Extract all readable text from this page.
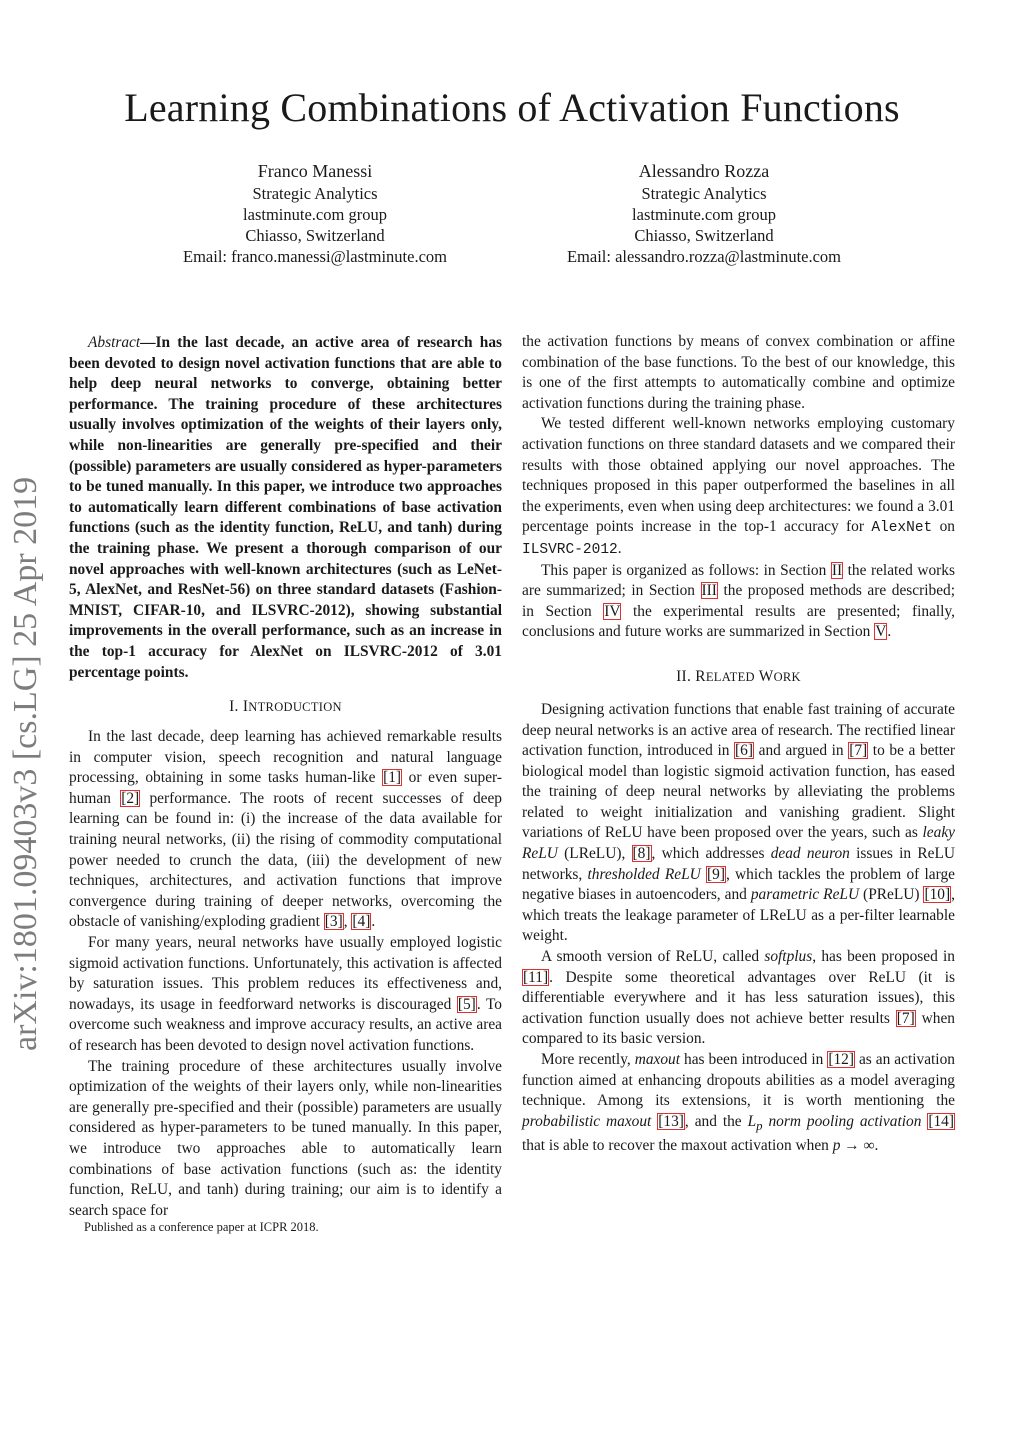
Learning Combinations of Activation Functions
Franco Manessi
Strategic Analytics
lastminute.com group
Chiasso, Switzerland
Email: franco.manessi@lastminute.com
Alessandro Rozza
Strategic Analytics
lastminute.com group
Chiasso, Switzerland
Email: alessandro.rozza@lastminute.com
arXiv:1801.09403v3 [cs.LG] 25 Apr 2019

Abstract—In the last decade, an active area of research has been devoted to design novel activation functions that are able to help deep neural networks to converge, obtaining better performance. The training procedure of these architectures usually involves optimization of the weights of their layers only, while non-linearities are generally pre-specified and their (possible) parameters are usually considered as hyper-parameters to be tuned manually. In this paper, we introduce two approaches to automatically learn different combinations of base activation functions (such as the identity function, ReLU, and tanh) during the training phase. We present a thorough comparison of our novel approaches with well-known architectures (such as LeNet-5, AlexNet, and ResNet-56) on three standard datasets (Fashion-MNIST, CIFAR-10, and ILSVRC-2012), showing substantial improvements in the overall performance, such as an increase in the top-1 accuracy for AlexNet on ILSVRC-2012 of 3.01 percentage points.

I. INTRODUCTION

In the last decade, deep learning has achieved remarkable results in computer vision, speech recognition and natural language processing, obtaining in some tasks human-like [1] or even super-human [2] performance. The roots of recent successes of deep learning can be found in: (i) the increase of the data available for training neural networks, (ii) the rising of commodity computational power needed to crunch the data, (iii) the development of new techniques, architectures, and activation functions that improve convergence during training of deeper networks, overcoming the obstacle of vanishing/exploding gradient [3], [4].

For many years, neural networks have usually employed logistic sigmoid activation functions. Unfortunately, this activation is affected by saturation issues. This problem reduces its effectiveness and, nowadays, its usage in feedforward networks is discouraged [5]. To overcome such weakness and improve accuracy results, an active area of research has been devoted to design novel activation functions.

The training procedure of these architectures usually involve optimization of the weights of their layers only, while non-linearities are generally pre-specified and their (possible) parameters are usually considered as hyper-parameters to be tuned manually. In this paper, we introduce two approaches able to automatically learn combinations of base activation functions (such as: the identity function, ReLU, and tanh) during training; our aim is to identify a search space for

Published as a conference paper at ICPR 2018.

the activation functions by means of convex combination or affine combination of the base functions. To the best of our knowledge, this is one of the first attempts to automatically combine and optimize activation functions during the training phase.

We tested different well-known networks employing customary activation functions on three standard datasets and we compared their results with those obtained applying our novel approaches. The techniques proposed in this paper outperformed the baselines in all the experiments, even when using deep architectures: we found a 3.01 percentage points increase in the top-1 accuracy for AlexNet on ILSVRC-2012.

This paper is organized as follows: in Section II the related works are summarized; in Section III the proposed methods are described; in Section IV the experimental results are presented; finally, conclusions and future works are summarized in Section V.

II. RELATED WORK

Designing activation functions that enable fast training of accurate deep neural networks is an active area of research. The rectified linear activation function, introduced in [6] and argued in [7] to be a better biological model than logistic sigmoid activation function, has eased the training of deep neural networks by alleviating the problems related to weight initialization and vanishing gradient. Slight variations of ReLU have been proposed over the years, such as leaky ReLU (LReLU), [8], which addresses dead neuron issues in ReLU networks, thresholded ReLU [9], which tackles the problem of large negative biases in autoencoders, and parametric ReLU (PReLU) [10], which treats the leakage parameter of LReLU as a per-filter learnable weight.

A smooth version of ReLU, called softplus, has been proposed in [11]. Despite some theoretical advantages over ReLU (it is differentiable everywhere and it has less saturation issues), this activation function usually does not achieve better results [7] when compared to its basic version.

More recently, maxout has been introduced in [12] as an activation function aimed at enhancing dropouts abilities as a model averaging technique. Among its extensions, it is worth mentioning the probabilistic maxout [13], and the $L_p$ norm pooling activation [14] that is able to recover the maxout activation when p → ∞.
